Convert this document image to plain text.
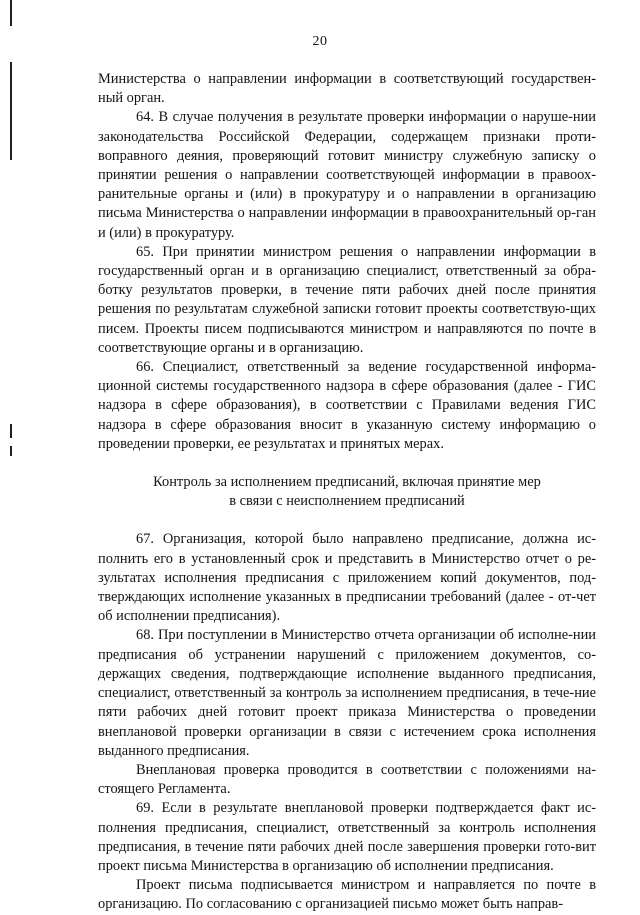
20

Министерства о направлении информации в соответствующий государствен-ный орган.

64. В случае получения в результате проверки информации о наруше-нии законодательства Российской Федерации, содержащем признаки проти-воправного деяния, проверяющий готовит министру служебную записку о принятии решения о направлении соответствующей информации в правоох-ранительные органы и (или) в прокуратуру и о направлении в организацию письма Министерства о направлении информации в правоохранительный ор-ган и (или) в прокуратуру.

65. При принятии министром решения о направлении информации в государственный орган и в организацию специалист, ответственный за обра-ботку результатов проверки, в течение пяти рабочих дней после принятия решения по результатам служебной записки готовит проекты соответствую-щих писем. Проекты писем подписываются министром и направляются по почте в соответствующие органы и в организацию.

66. Специалист, ответственный за ведение государственной информа-ционной системы государственного надзора в сфере образования (далее - ГИС надзора в сфере образования), в соответствии с Правилами ведения ГИС надзора в сфере образования вносит в указанную систему информацию о проведении проверки, ее результатах и принятых мерах.

Контроль за исполнением предписаний, включая принятие мер
в связи с неисполнением предписаний

67. Организация, которой было направлено предписание, должна ис-полнить его в установленный срок и представить в Министерство отчет о ре-зультатах исполнения предписания с приложением копий документов, под-тверждающих исполнение указанных в предписании требований (далее - от-чет об исполнении предписания).

68. При поступлении в Министерство отчета организации об исполне-нии предписания об устранении нарушений с приложением документов, со-держащих сведения, подтверждающие исполнение выданного предписания, специалист, ответственный за контроль за исполнением предписания, в тече-ние пяти рабочих дней готовит проект приказа Министерства о проведении внеплановой проверки организации в связи с истечением срока исполнения выданного предписания.

Внеплановая проверка проводится в соответствии с положениями на-стоящего Регламента.

69. Если в результате внеплановой проверки подтверждается факт ис-полнения предписания, специалист, ответственный за контроль исполнения предписания, в течение пяти рабочих дней после завершения проверки гото-вит проект письма Министерства в организацию об исполнении предписания.

Проект письма подписывается министром и направляется по почте в организацию. По согласованию с организацией письмо может быть направ-
